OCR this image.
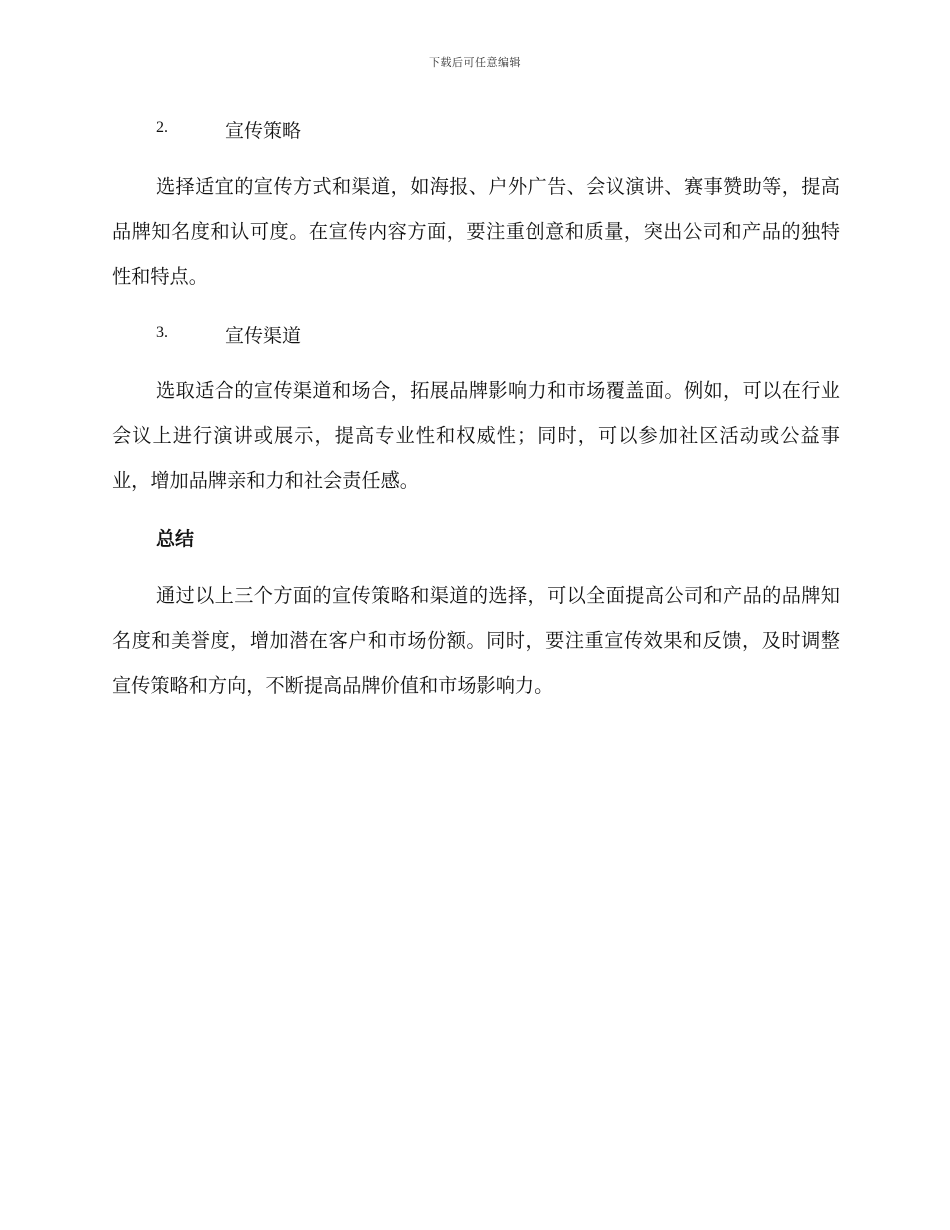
下载后可任意编辑
2.	宣传策略

选择适宜的宣传方式和渠道，如海报、户外广告、会议演讲、赛事赞助等，提高品牌知名度和认可度。在宣传内容方面，要注重创意和质量，突出公司和产品的独特性和特点。

3.	宣传渠道

选取适合的宣传渠道和场合，拓展品牌影响力和市场覆盖面。例如，可以在行业会议上进行演讲或展示，提高专业性和权威性；同时，可以参加社区活动或公益事业，增加品牌亲和力和社会责任感。

总结

通过以上三个方面的宣传策略和渠道的选择，可以全面提高公司和产品的品牌知名度和美誉度，增加潜在客户和市场份额。同时，要注重宣传效果和反馈，及时调整宣传策略和方向，不断提高品牌价值和市场影响力。
